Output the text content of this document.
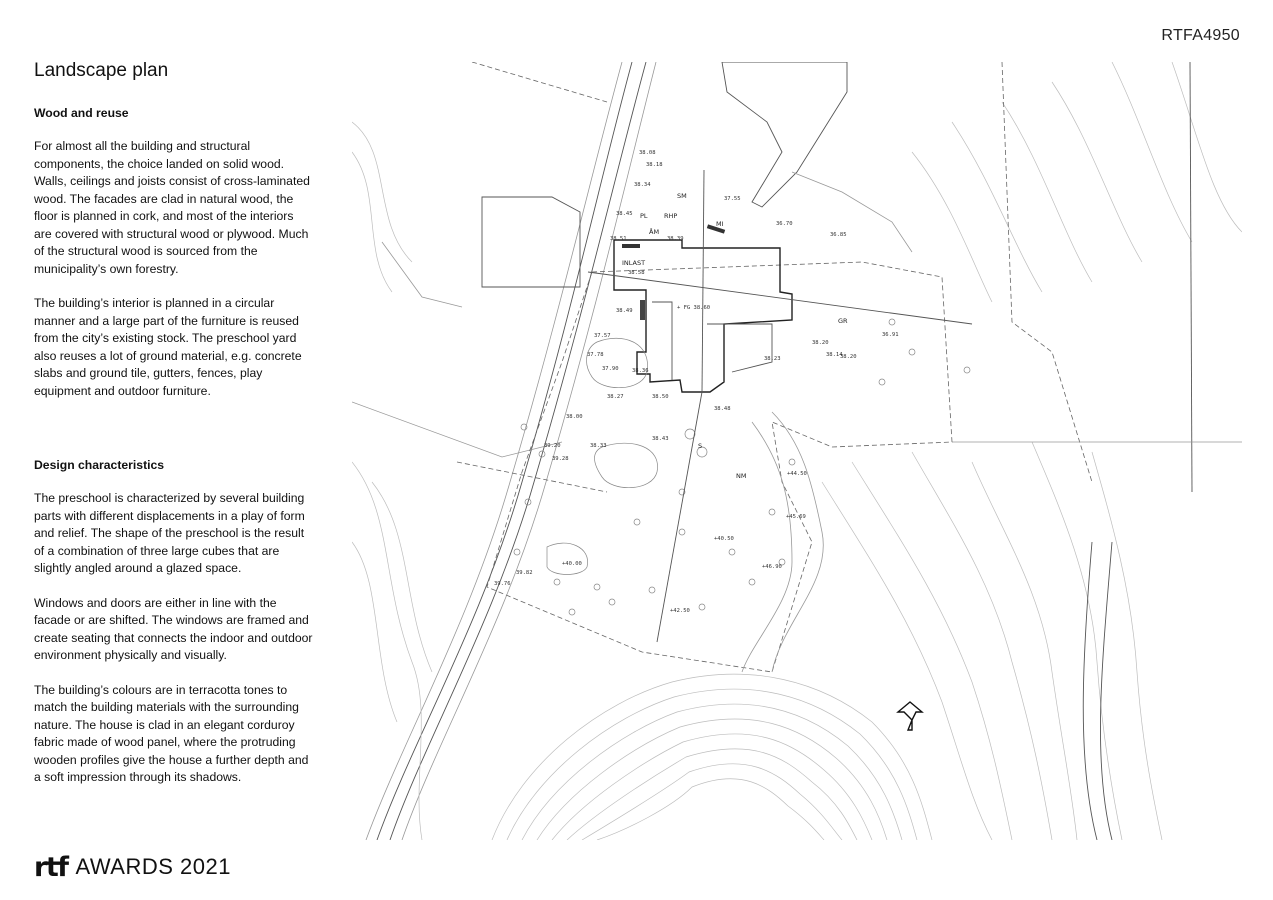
RTFA4950
Landscape plan
Wood and reuse

For almost all the building and structural components, the choice landed on solid wood. Walls, ceilings and joists consist of cross-laminated wood. The facades are clad in natural wood, the floor is planned in cork, and most of the interiors are covered with structural wood or plywood. Much of the structural wood is sourced from the municipality’s own forestry.

The building’s interior is planned in a circular manner and a large part of the furniture is reused from the city’s existing stock. The preschool yard also reuses a lot of ground material, e.g. concrete slabs and ground tile, gutters, fences, play equipment and outdoor furniture.

Design characteristics

The preschool is characterized by several building parts with different displacements in a play of form and relief. The shape of the preschool is the result of a combination of three large cubes that are slightly angled around a glazed space.

Windows and doors are either in line with the facade or are shifted. The windows are framed and create seating that connects the indoor and outdoor environment physically and visually.

The building’s colours are in terracotta tones to match the building materials with the surrounding nature. The house is clad in an elegant corduroy fabric made of wood panel, where the protruding wooden profiles give the house a further depth and a soft impression through its shadows.

INLAST
RHP
PL
SM
ÅM
MI
GR
NM
S
+ FG 38.60
38.08
38.18
38.34
38.45
38.51
38.58
38.49
37.57
37.78
37.90 38.36
38.27	38.50
38.48
38.43
38.33
39.20
39.28
38.00
39.82
39.76
37.55
36.70
38.14
38.20
38.23
+40.00
+42.50
+44.50
+46.90
+40.50
+45.69
36.91
36.85
38.39
38.20
rtf AWARDS 2021
